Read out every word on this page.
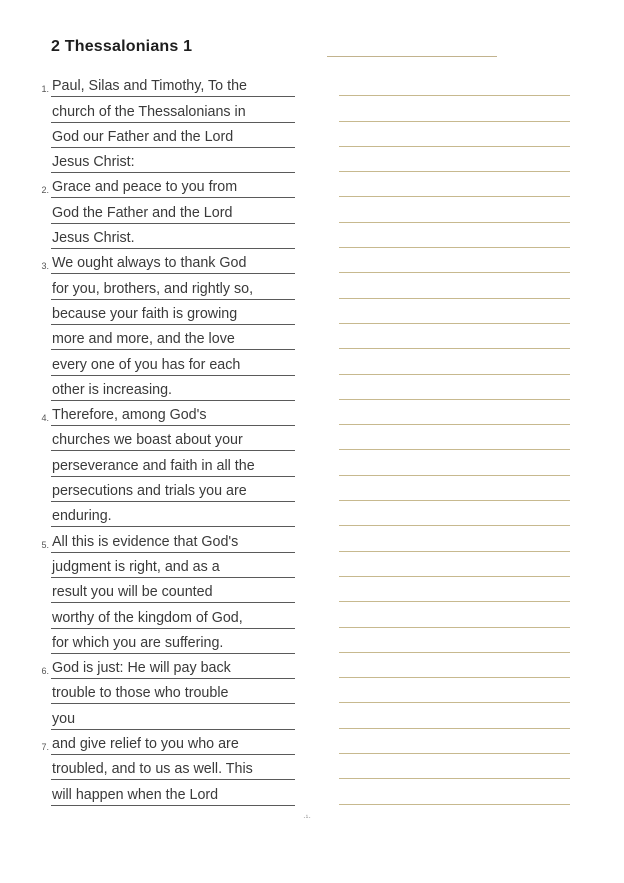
2 Thessalonians 1
1. Paul, Silas and Timothy, To the
church of the Thessalonians in
God our Father and the Lord
Jesus Christ:
2. Grace and peace to you from
God the Father and the Lord
Jesus Christ.
3. We ought always to thank God
for you, brothers, and rightly so,
because your faith is growing
more and more, and the love
every one of you has for each
other is increasing.
4. Therefore, among God's
churches we boast about your
perseverance and faith in all the
persecutions and trials you are
enduring.
5. All this is evidence that God's
judgment is right, and as a
result you will be counted
worthy of the kingdom of God,
for which you are suffering.
6. God is just: He will pay back
trouble to those who trouble
you
7. and give relief to you who are
troubled, and to us as well. This
will happen when the Lord
·¹·
